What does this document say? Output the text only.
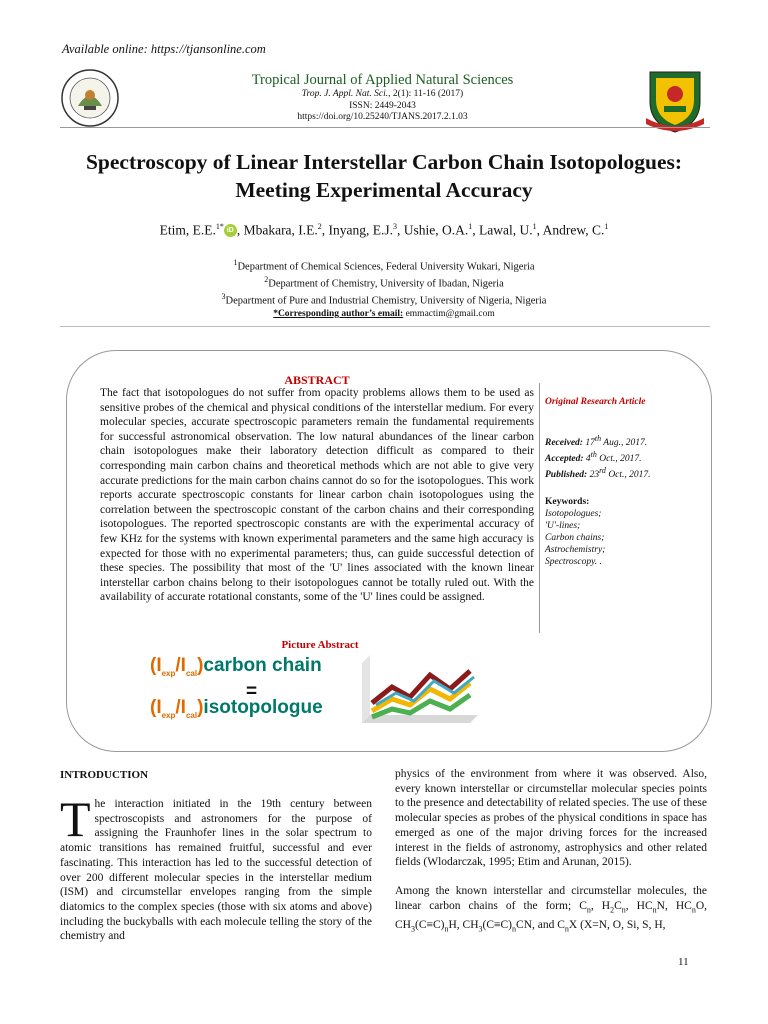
Available online: https://tjansonline.com
Tropical Journal of Applied Natural Sciences
Trop. J. Appl. Nat. Sci., 2(1): 11-16 (2017)
ISSN: 2449-2043
https://doi.org/10.25240/TJANS.2017.2.1.03
Spectroscopy of Linear Interstellar Carbon Chain Isotopologues:
Meeting Experimental Accuracy
Etim, E.E.$^{1*}$ iD , Mbakara, I.E.$^2$, Inyang, E.J.$^3$, Ushie, O.A.$^1$, Lawal, U.$^1$, Andrew, C.$^1$
$^1$Department of Chemical Sciences, Federal University Wukari, Nigeria
$^2$Department of Chemistry, University of Ibadan, Nigeria
$^3$Department of Pure and Industrial Chemistry, University of Nigeria, Nigeria
*Corresponding author’s email: emmactim@gmail.com
ABSTRACT
The fact that isotopologues do not suffer from opacity problems allows them to be used as sensitive probes of the chemical and physical conditions of the interstellar medium. For every molecular species, accurate spectroscopic parameters remain the fundamental requirements for successful astronomical observation. The low natural abundances of the linear carbon chain isotopologues make their laboratory detection difficult as compared to their corresponding main carbon chains and theoretical methods which are not able to give very accurate predictions for the main carbon chains cannot do so for the isotopologues. This work reports accurate spectroscopic constants for linear carbon chain isotopologues using the correlation between the spectroscopic constant of the carbon chains and their corresponding isotopologues. The reported spectroscopic constants are with the experimental accuracy of few KHz for the systems with known experimental parameters and the same high accuracy is expected for those with no experimental parameters; thus, can guide successful detection of these species. The possibility that most of the 'U' lines associated with the known linear interstellar carbon chains belong to their isotopologues cannot be totally ruled out. With the availability of accurate rotational constants, some of the 'U' lines could be assigned.
Original Research Article
Received: 17th Aug., 2017.
Accepted: 4th Oct., 2017.
Published: 23rd Oct., 2017.
Keywords:
Isotopologues;
'U'-lines;
Carbon chains;
Astrochemistry;
Spectroscopy. .
Picture Abstract
$(I_{exp}/I_{cal})carbon$ chain
=
$(I_{exp}/I_{cal})isotopologue$
INTRODUCTION
The interaction initiated in the 19th century between spectroscopists and astronomers for the purpose of assigning the Fraunhofer lines in the solar spectrum to atomic transitions has remained fruitful, successful and ever fascinating. This interaction has led to the successful detection of over 200 different molecular species in the interstellar medium (ISM) and circumstellar envelopes ranging from the simple diatomics to the complex species (those with six atoms and above) including the buckyballs with each molecule telling the story of the chemistry and

physics of the environment from where it was observed. Also, every known interstellar or circumstellar molecular species points to the presence and detectability of related species. The use of these molecular species as probes of the physical conditions in space has emerged as one of the major driving forces for the increased interest in the fields of astronomy, astrophysics and other related fields (Wlodarczak, 1995; Etim and Arunan, 2015).

Among the known interstellar and circumstellar molecules, the linear carbon chains of the form; $C_n$, $H_2C_n$, $HC_nN$, $HC_nO$, $CH_3(C\equiv C)_nH$, $CH_3(C\equiv C)_nCN$, and $C_nX$ (X=N, O, Si, S, H,

11
